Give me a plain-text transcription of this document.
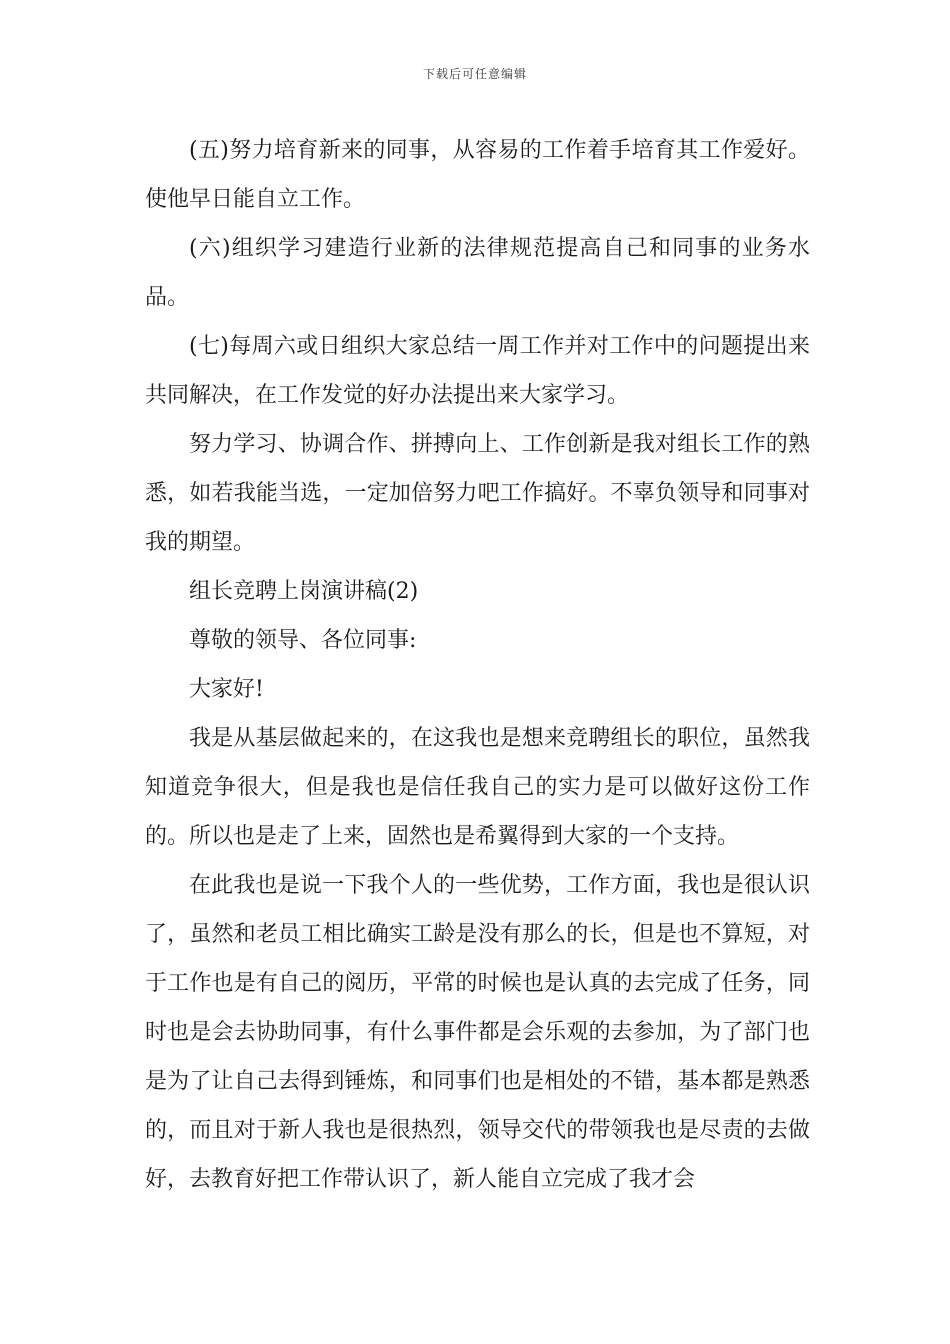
下载后可任意编辑

(五)努力培育新来的同事，从容易的工作着手培育其工作爱好。使他早日能自立工作。

(六)组织学习建造行业新的法律规范提高自己和同事的业务水品。

(七)每周六或日组织大家总结一周工作并对工作中的问题提出来共同解决，在工作发觉的好办法提出来大家学习。

努力学习、协调合作、拼搏向上、工作创新是我对组长工作的熟悉，如若我能当选，一定加倍努力吧工作搞好。不辜负领导和同事对我的期望。

组长竞聘上岗演讲稿(2)

尊敬的领导、各位同事:

大家好!

我是从基层做起来的，在这我也是想来竞聘组长的职位，虽然我知道竞争很大，但是我也是信任我自己的实力是可以做好这份工作的。所以也是走了上来，固然也是希翼得到大家的一个支持。

在此我也是说一下我个人的一些优势，工作方面，我也是很认识了，虽然和老员工相比确实工龄是没有那么的长，但是也不算短，对于工作也是有自己的阅历，平常的时候也是认真的去完成了任务，同时也是会去协助同事，有什么事件都是会乐观的去参加，为了部门也是为了让自己去得到锤炼，和同事们也是相处的不错，基本都是熟悉的，而且对于新人我也是很热烈，领导交代的带领我也是尽责的去做好，去教育好把工作带认识了，新人能自立完成了我才会
